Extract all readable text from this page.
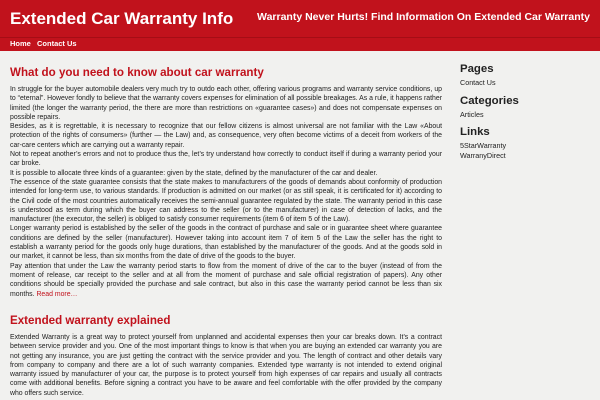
Extended Car Warranty Info Warranty Never Hurts! Find Information On Extended Car Warranty
Home Contact Us
What do you need to know about car warranty

In struggle for the buyer automobile dealers very much try to outdo each other, offering various programs and warranty service conditions, up to “eternal”. However fondly to believe that the warranty covers expenses for elimination of all possible breakages. As a rule, it happens rather limited (the longer the warranty period, the there are more than restrictions on «guarantee cases») and does not compensate expenses on possible repairs.

Besides, as it is regrettable, it is necessary to recognize that our fellow citizens is almost universal are not familiar with the Law «About protection of the rights of consumers» (further — the Law) and, as consequence, very often become victims of a deceit from workers of the car-care centers which are carrying out a warranty repair.

Not to repeat another’s errors and not to produce thus the, let’s try understand how correctly to conduct itself if during a warranty period your car broke.

It is possible to allocate three kinds of a guarantee: given by the state, defined by the manufacturer of the car and dealer.

The essence of the state guarantee consists that the state makes to manufacturers of the goods of demands about conformity of production intended for long-term use, to various standards. If production is admitted on our market (or as still speak, it is certificated for it) according to the Civil code of the most countries automatically receives the semi-annual guarantee regulated by the state. The warranty period in this case is understood as term during which the buyer can address to the seller (or to the manufacturer) in case of detection of lacks, and the manufacturer (the executor, the seller) is obliged to satisfy consumer requirements (item 6 of item 5 of the Law).

Longer warranty period is established by the seller of the goods in the contract of purchase and sale or in guarantee sheet where guarantee conditions are defined by the seller (manufacturer). However taking into account item 7 of item 5 of the Law the seller has the right to establish a warranty period for the goods only huge durations, than established by the manufacturer of the goods. And at the goods sold in our market, it cannot be less, than six months from the date of drive of the goods to the buyer.

Pay attention that under the Law the warranty period starts to flow from the moment of drive of the car to the buyer (instead of from the moment of release, car receipt to the seller and at all from the moment of purchase and sale official registration of papers). Any other conditions should be specially provided the purchase and sale contract, but also in this case the warranty period cannot be less than six months. Read more…

Extended warranty explained

Extended Warranty is a great way to protect yourself from unplanned and accidental expenses then your car breaks down. It’s a contract between service provider and you. One of the most important things to know is that when you are buying an extended car warranty you are not getting any insurance, you are just getting the contract with the service provider and you. The length of contract and other details vary from company to company and there are a lot of such warranty companies. Extended type warranty is not intended to extend original warranty issued by manufacturer of your car, the purpose is to protect yourself from high expenses of car repairs and usually all contracts come with additional benefits. Before signing a contract you have to be aware and feel comfortable with the offer provided by the company who offers such service.

Pages
Contact Us
Categories
Articles
Links
5StarWarranty
WarranyDirect
